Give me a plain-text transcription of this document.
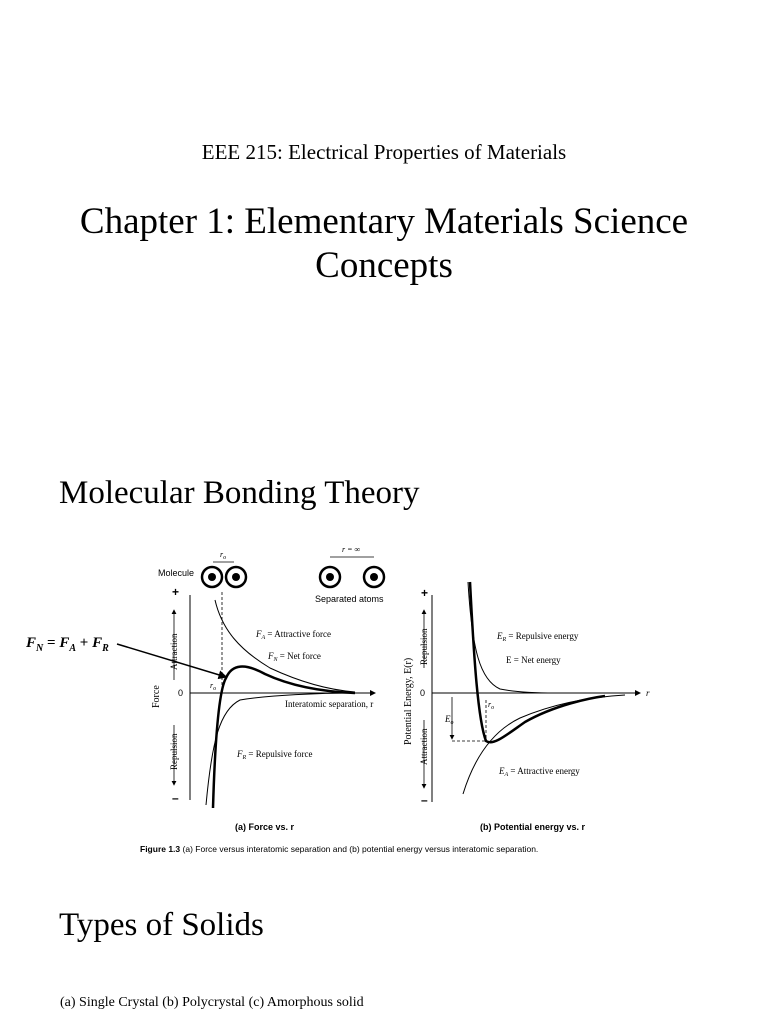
EEE 215: Electrical Properties of Materials
Chapter 1: Elementary Materials Science Concepts
Molecular Bonding Theory
$F_N = F_A + F_R$
Molecule
$r_o$
r = ∞
Separated atoms
+
–
0
Force
Attraction
Repulsion
$r_o$
$F_A$ = Attractive force
$F_N$ = Net force
Interatomic separation, r
$F_R$ = Repulsive force
(a) Force vs. r
+
–
0	r
Potential Energy, E(r)
Repulsion
Attraction
$E_o$
$r_o$
$E_R$ = Repulsive energy
E = Net energy
$E_A$ = Attractive energy
(b) Potential energy vs. r
Figure 1.3 (a) Force versus interatomic separation and (b) potential energy versus interatomic separation.
Types of Solids
(a) Single Crystal (b) Polycrystal (c) Amorphous solid
